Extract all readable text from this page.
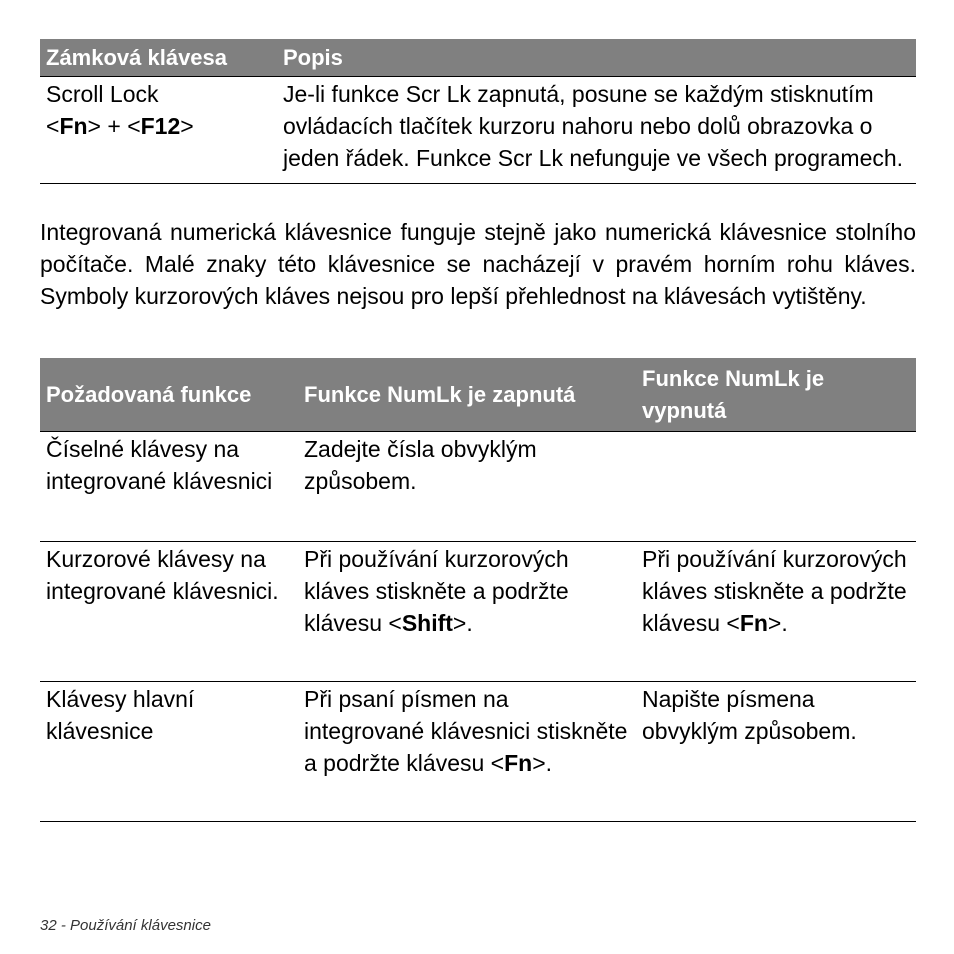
Zámková klávesa	Popis

Scroll Lock
<Fn> + <F12>	Je-li funkce Scr Lk zapnutá, posune se každým stisknutím ovládacích tlačítek kurzoru nahoru nebo dolů obrazovka o jeden řádek. Funkce Scr Lk nefunguje ve všech programech.

Integrovaná numerická klávesnice funguje stejně jako numerická klávesnice stolního počítače. Malé znaky této klávesnice se nacházejí v pravém horním rohu kláves. Symboly kurzorových kláves nejsou pro lepší přehlednost na klávesách vytištěny.

Požadovaná funkce	Funkce NumLk je zapnutá	Funkce NumLk je vypnutá
Číselné klávesy na integrované klávesnici	Zadejte čísla obvyklým způsobem.	
Kurzorové klávesy na integrované klávesnici.	Při používání kurzorových kláves stiskněte a podržte klávesu <Shift>.	Při používání kurzorových kláves stiskněte a podržte klávesu <Fn>.
Klávesy hlavní klávesnice	Při psaní písmen na integrované klávesnici stiskněte a podržte klávesu <Fn>.	Napište písmena obvyklým způsobem.
32 - Používání klávesnice
